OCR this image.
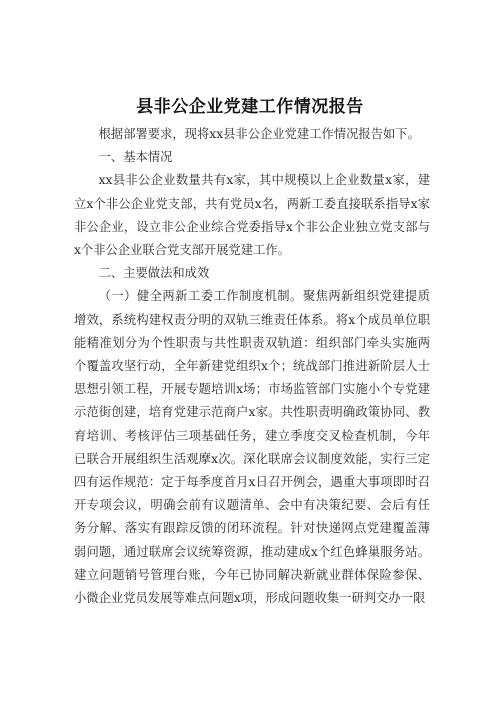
县非公企业党建工作情况报告

根据部署要求，现将xx县非公企业党建工作情况报告如下。

一、基本情况

xx县非公企业数量共有x家，其中规模以上企业数量x家，建立x个非公企业党支部，共有党员x名，两新工委直接联系指导x家非公企业，设立非公企业综合党委指导x个非公企业独立党支部与x个非公企业联合党支部开展党建工作。

二、主要做法和成效

（一）健全两新工委工作制度机制。聚焦两新组织党建提质增效，系统构建权责分明的双轨三维责任体系。将x个成员单位职能精准划分为个性职责与共性职责双轨道：组织部门牵头实施两个覆盖攻坚行动，全年新建党组织x个；统战部门推进新阶层人士思想引领工程，开展专题培训x场；市场监管部门实施小个专党建示范街创建，培育党建示范商户x家。共性职责明确政策协同、教育培训、考核评估三项基础任务，建立季度交叉检查机制，今年已联合开展组织生活观摩x次。深化联席会议制度效能，实行三定四有运作规范：定于每季度首月x日召开例会，遇重大事项即时召开专项会议，明确会前有议题清单、会中有决策纪要、会后有任务分解、落实有跟踪反馈的闭环流程。针对快递网点党建覆盖薄弱问题，通过联席会议统筹资源，推动建成x个红色蜂巢服务站。建立问题销号管理台账，今年已协同解决新就业群体保险参保、小微企业党员发展等难点问题x项，形成问题收集一研判交办一限
